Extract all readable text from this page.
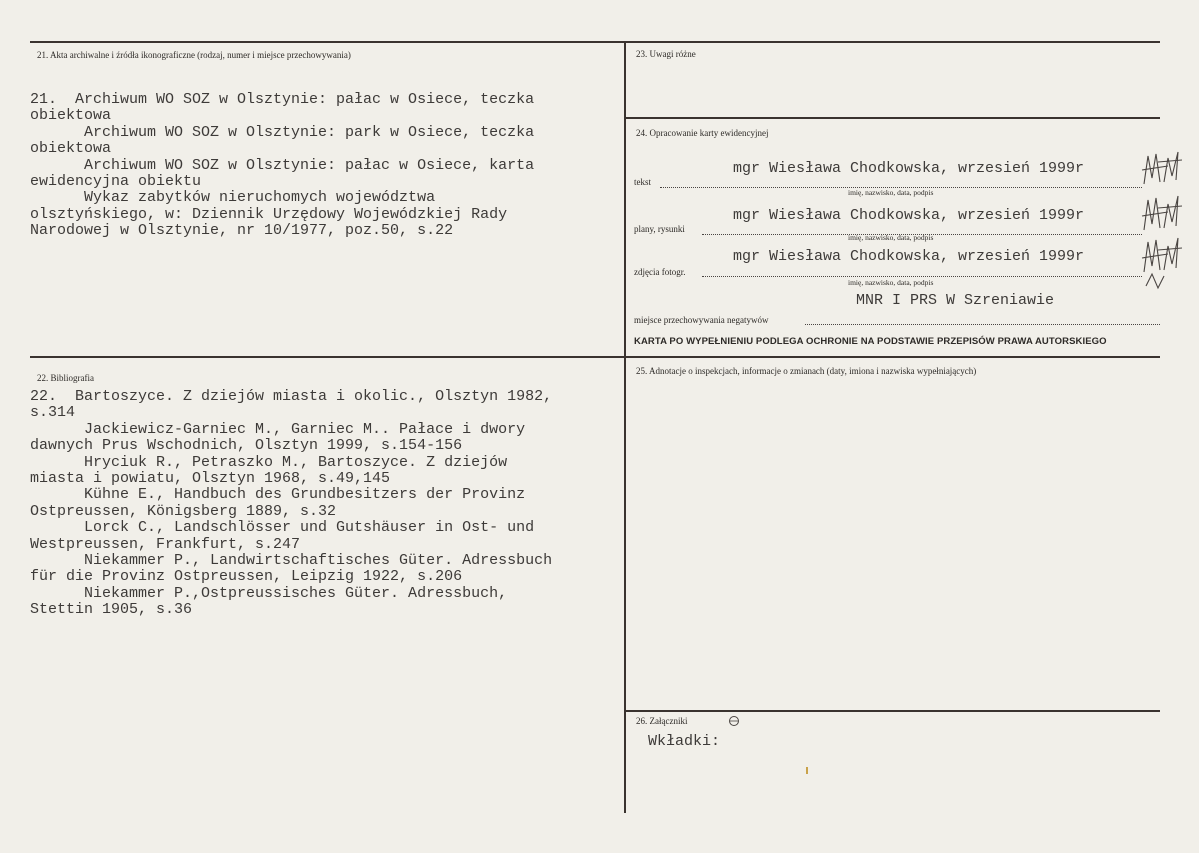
21. Akta archiwalne i źródła ikonograficzne (rodzaj, numer i miejsce przechowywania)
21.  Archiwum WO SOZ w Olsztynie: pałac w Osiece, teczka
obiektowa
Archiwum WO SOZ w Olsztynie: park w Osiece, teczka
obiektowa
Archiwum WO SOZ w Olsztynie: pałac w Osiece, karta
ewidencyjna obiektu
Wykaz zabytków nieruchomych województwa
olsztyńskiego, w: Dziennik Urzędowy Wojewódzkiej Rady
Narodowej w Olsztynie, nr 10/1977, poz.50, s.22
23. Uwagi różne
24. Opracowanie karty ewidencyjnej
mgr Wiesława Chodkowska, wrzesień 1999r
tekst
imię, nazwisko, data, podpis
mgr Wiesława Chodkowska, wrzesień 1999r
plany, rysunki
imię, nazwisko, data, podpis
mgr Wiesława Chodkowska, wrzesień 1999r
zdjęcia fotogr.
imię, nazwisko, data, podpis
MNR I PRS W Szreniawie
miejsce przechowywania negatywów
KARTA PO WYPEŁNIENIU PODLEGA OCHRONIE NA PODSTAWIE PRZEPISÓW PRAWA AUTORSKIEGO
22. Bibliografia
22.  Bartoszyce. Z dziejów miasta i okolic., Olsztyn 1982,
s.314
Jackiewicz-Garniec M., Garniec M.. Pałace i dwory
dawnych Prus Wschodnich, Olsztyn 1999, s.154-156
Hryciuk R., Petraszko M., Bartoszyce. Z dziejów
miasta i powiatu, Olsztyn 1968, s.49,145
Kühne E., Handbuch des Grundbesitzers der Provinz
Ostpreussen, Königsberg 1889, s.32
Lorck C., Landschlösser und Gutshäuser in Ost- und
Westpreussen, Frankfurt, s.247
Niekammer P., Landwirtschaftisches Güter. Adressbuch
für die Provinz Ostpreussen, Leipzig 1922, s.206
Niekammer P.,Ostpreussisches Güter. Adressbuch,
Stettin 1905, s.36
25. Adnotacje o inspekcjach, informacje o zmianach (daty, imiona i nazwiska wypełniających)
26. Załączniki
Wkładki:
